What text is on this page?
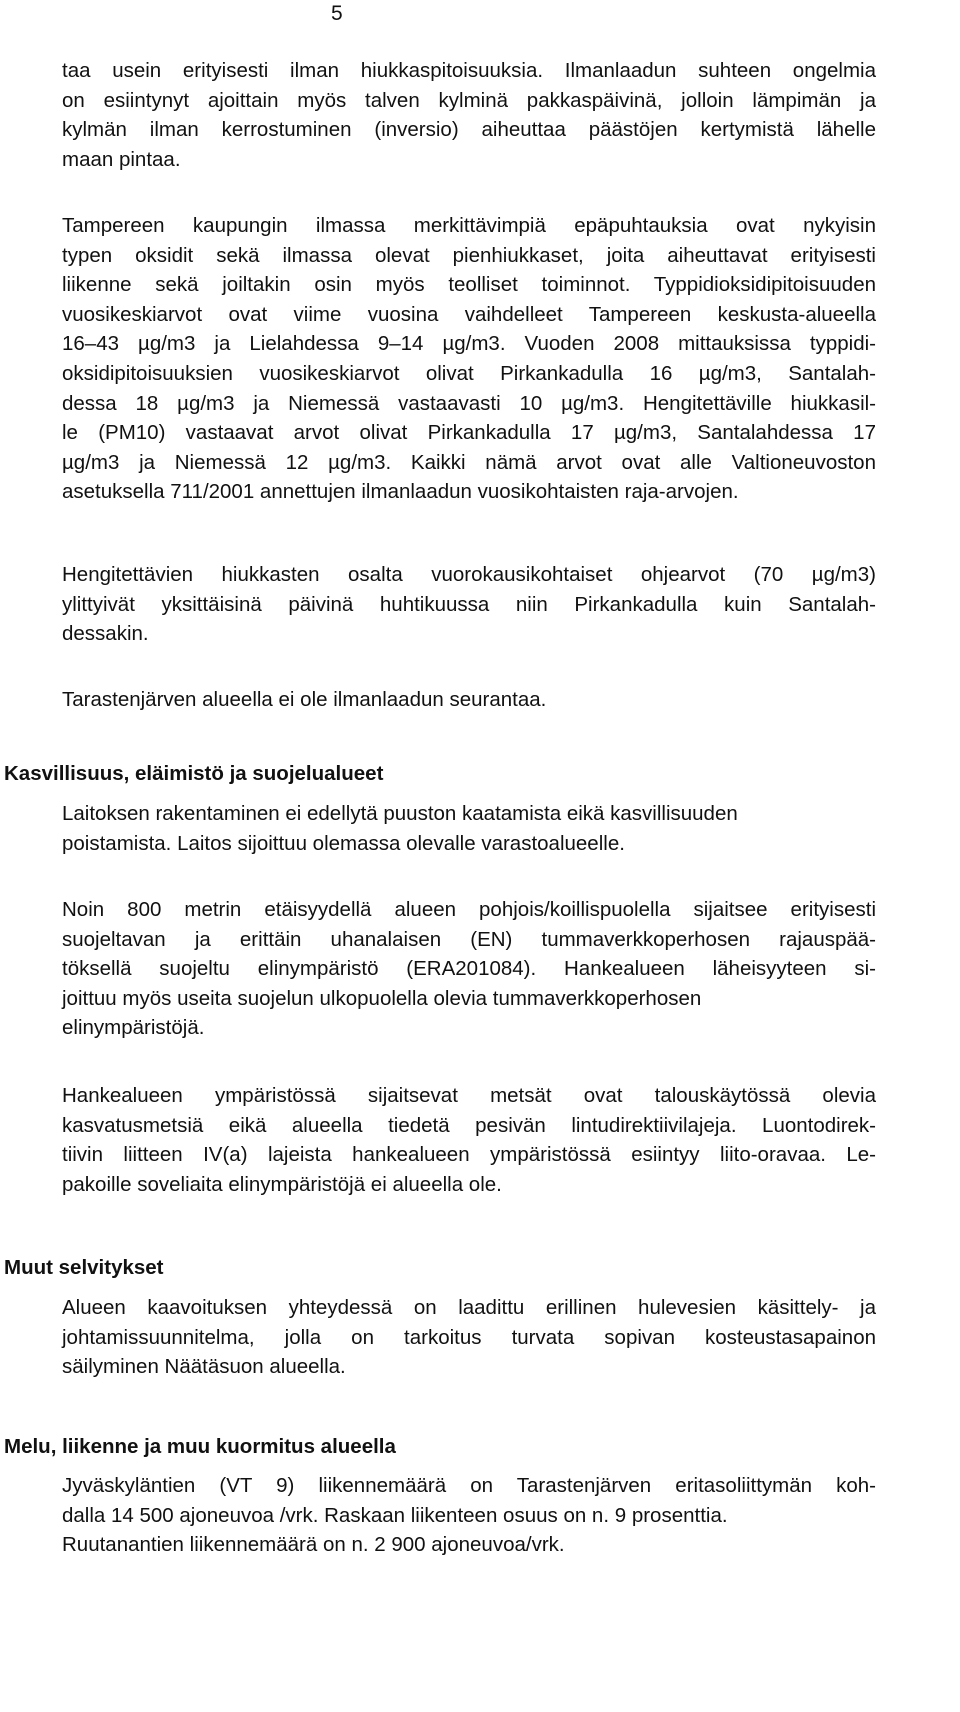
5
taa usein erityisesti ilman hiukkaspitoisuuksia. Ilmanlaadun suhteen ongelmia
on esiintynyt ajoittain myös talven kylminä pakkaspäivinä, jolloin lämpimän ja
kylmän ilman kerrostuminen (inversio) aiheuttaa päästöjen kertymistä lähelle
maan pintaa.
Tampereen kaupungin ilmassa merkittävimpiä epäpuhtauksia ovat nykyisin
typen oksidit sekä ilmassa olevat pienhiukkaset, joita aiheuttavat erityisesti
liikenne sekä joiltakin osin myös teolliset toiminnot. Typpidioksidipitoisuuden
vuosikeskiarvot ovat viime vuosina vaihdelleet Tampereen keskusta-alueella
16–43 µg/m3 ja Lielahdessa 9–14 µg/m3. Vuoden 2008 mittauksissa typpidi-
oksidipitoisuuksien vuosikeskiarvot olivat Pirkankadulla 16 µg/m3, Santalah-
dessa 18 µg/m3 ja Niemessä vastaavasti 10 µg/m3. Hengitettäville hiukkasil-
le (PM10) vastaavat arvot olivat Pirkankadulla 17 µg/m3, Santalahdessa 17
µg/m3 ja Niemessä 12 µg/m3. Kaikki nämä arvot ovat alle Valtioneuvoston
asetuksella 711/2001 annettujen ilmanlaadun vuosikohtaisten raja-arvojen.
Hengitettävien hiukkasten osalta vuorokausikohtaiset ohjearvot (70 µg/m3)
ylittyivät yksittäisinä päivinä huhtikuussa niin Pirkankadulla kuin Santalah-
dessakin.
Tarastenjärven alueella ei ole ilmanlaadun seurantaa.
Kasvillisuus, eläimistö ja suojelualueet
Laitoksen rakentaminen ei edellytä puuston kaatamista eikä kasvillisuuden
poistamista. Laitos sijoittuu olemassa olevalle varastoalueelle.
Noin 800 metrin etäisyydellä alueen pohjois/koillispuolella sijaitsee erityisesti
suojeltavan ja erittäin uhanalaisen (EN) tummaverkkoperhosen rajauspää-
töksellä suojeltu elinympäristö (ERA201084). Hankealueen läheisyyteen si-
joittuu myös useita suojelun ulkopuolella olevia tummaverkkoperhosen
elinympäristöjä.
Hankealueen ympäristössä sijaitsevat metsät ovat talouskäytössä olevia
kasvatusmetsiä eikä alueella tiedetä pesivän lintudirektiivilajeja. Luontodirek-
tiivin liitteen IV(a) lajeista hankealueen ympäristössä esiintyy liito-oravaa. Le-
pakoille soveliaita elinympäristöjä ei alueella ole.
Muut selvitykset
Alueen kaavoituksen yhteydessä on laadittu erillinen hulevesien käsittely- ja
johtamissuunnitelma, jolla on tarkoitus turvata sopivan kosteustasapainon
säilyminen Näätäsuon alueella.
Melu, liikenne ja muu kuormitus alueella
Jyväskyläntien (VT 9) liikennemäärä on Tarastenjärven eritasoliittymän koh-
dalla 14 500 ajoneuvoa /vrk. Raskaan liikenteen osuus on n. 9 prosenttia.
Ruutanantien liikennemäärä on n. 2 900 ajoneuvoa/vrk.
